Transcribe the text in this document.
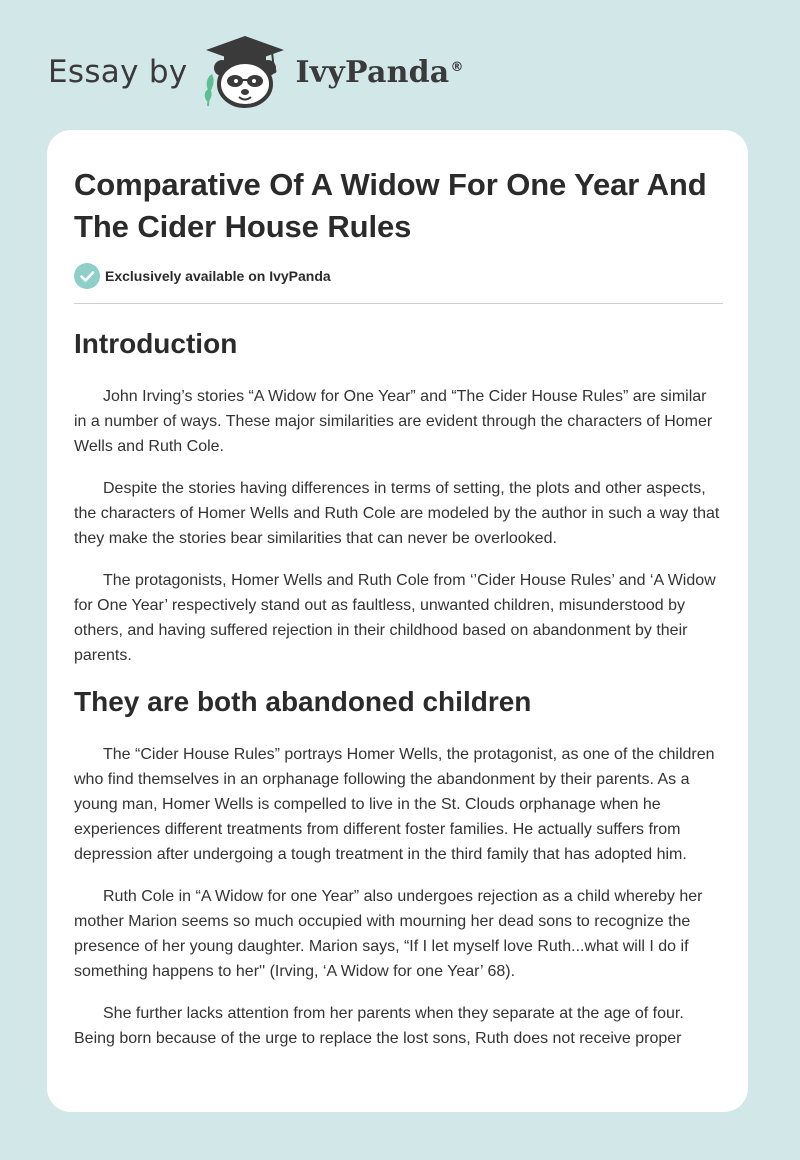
Essay by	IvyPanda®
Comparative Of A Widow For One Year And The Cider House Rules
Exclusively available on IvyPanda
Introduction

John Irving’s stories “A Widow for One Year” and “The Cider House Rules” are similar in a number of ways. These major similarities are evident through the characters of Homer Wells and Ruth Cole.

Despite the stories having differences in terms of setting, the plots and other aspects, the characters of Homer Wells and Ruth Cole are modeled by the author in such a way that they make the stories bear similarities that can never be overlooked.

The protagonists, Homer Wells and Ruth Cole from ‘’Cider House Rules’ and ‘A Widow for One Year’ respectively stand out as faultless, unwanted children, misunderstood by others, and having suffered rejection in their childhood based on abandonment by their parents.

They are both abandoned children

The “Cider House Rules” portrays Homer Wells, the protagonist, as one of the children who find themselves in an orphanage following the abandonment by their parents. As a young man, Homer Wells is compelled to live in the St. Clouds orphanage when he experiences different treatments from different foster families. He actually suffers from depression after undergoing a tough treatment in the third family that has adopted him.

Ruth Cole in “A Widow for one Year” also undergoes rejection as a child whereby her mother Marion seems so much occupied with mourning her dead sons to recognize the presence of her young daughter. Marion says, “If I let myself love Ruth...what will I do if something happens to her'' (Irving, ‘A Widow for one Year’ 68).

She further lacks attention from her parents when they separate at the age of four. Being born because of the urge to replace the lost sons, Ruth does not receive proper
